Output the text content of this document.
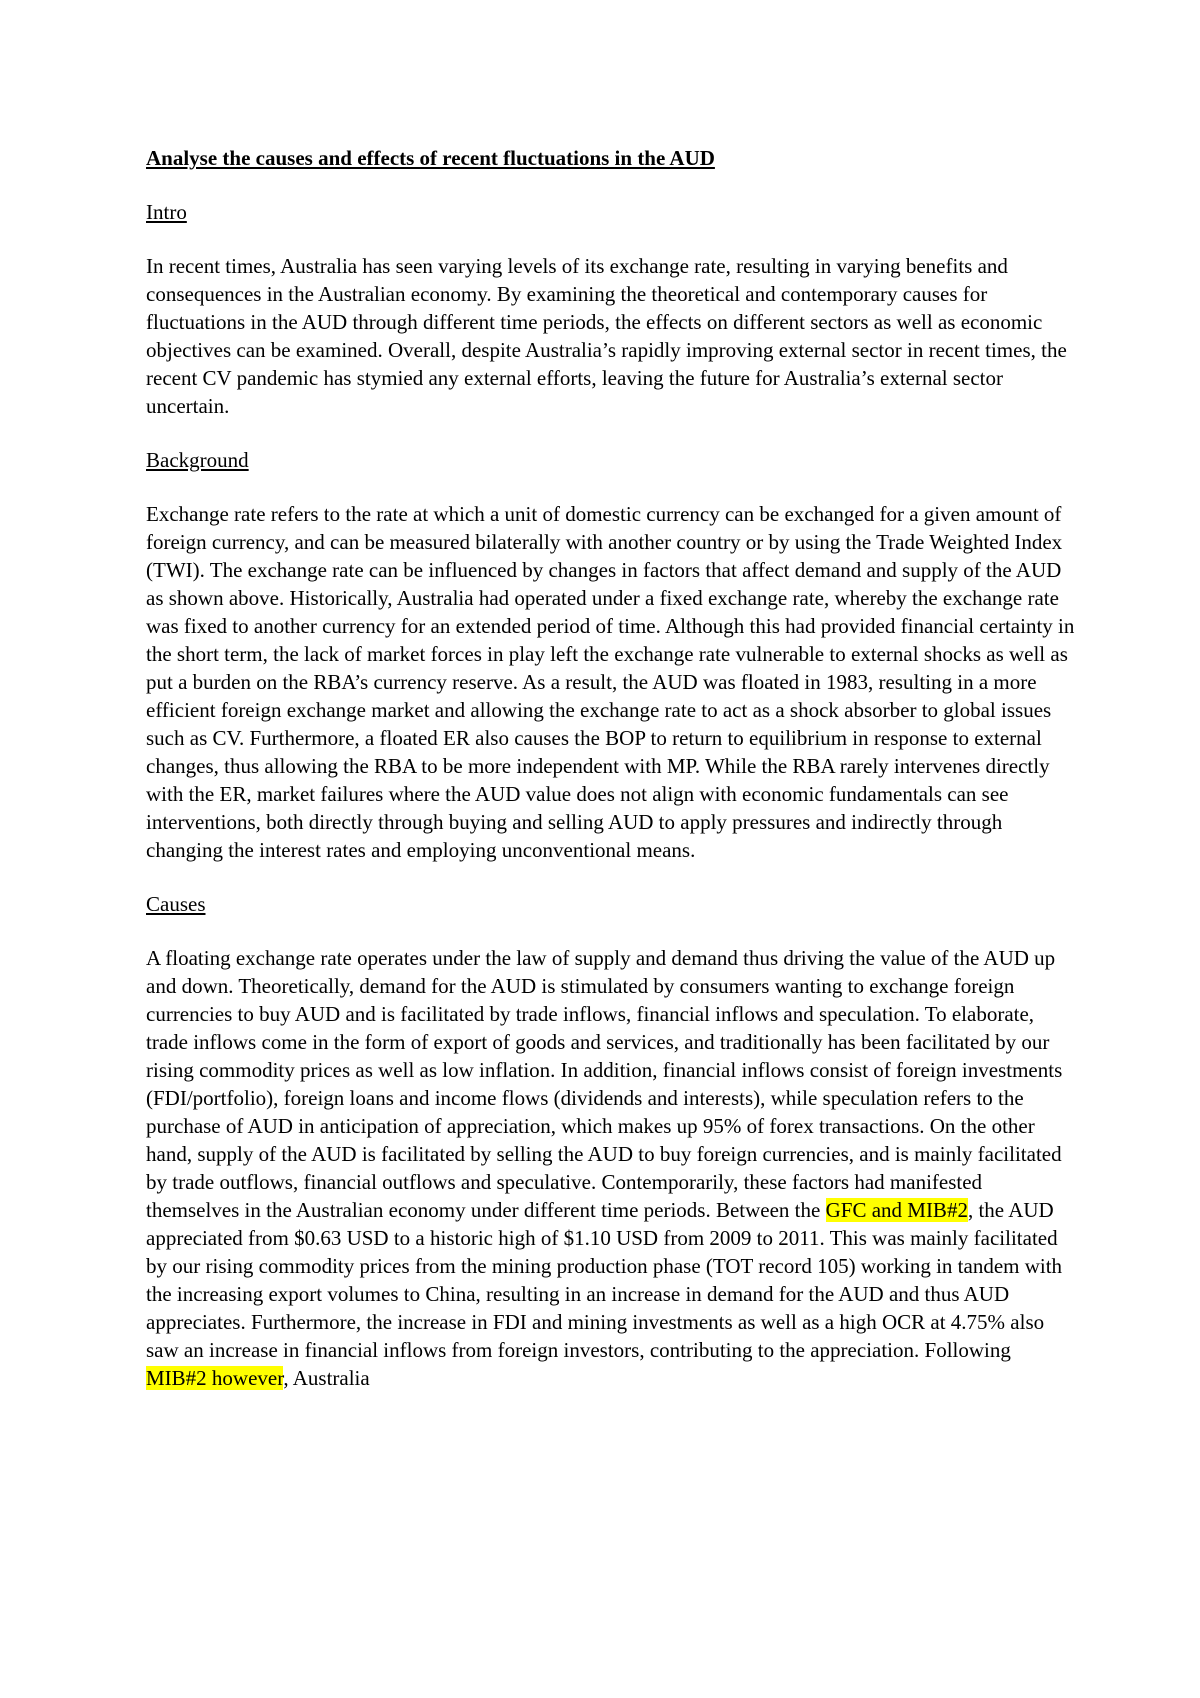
Analyse the causes and effects of recent fluctuations in the AUD
Intro

In recent times, Australia has seen varying levels of its exchange rate, resulting in varying benefits and consequences in the Australian economy. By examining the theoretical and contemporary causes for fluctuations in the AUD through different time periods, the effects on different sectors as well as economic objectives can be examined. Overall, despite Australia’s rapidly improving external sector in recent times, the recent CV pandemic has stymied any external efforts, leaving the future for Australia’s external sector uncertain.

Background

Exchange rate refers to the rate at which a unit of domestic currency can be exchanged for a given amount of foreign currency, and can be measured bilaterally with another country or by using the Trade Weighted Index (TWI). The exchange rate can be influenced by changes in factors that affect demand and supply of the AUD as shown above. Historically, Australia had operated under a fixed exchange rate, whereby the exchange rate was fixed to another currency for an extended period of time. Although this had provided financial certainty in the short term, the lack of market forces in play left the exchange rate vulnerable to external shocks as well as put a burden on the RBA’s currency reserve. As a result, the AUD was floated in 1983, resulting in a more efficient foreign exchange market and allowing the exchange rate to act as a shock absorber to global issues such as CV. Furthermore, a floated ER also causes the BOP to return to equilibrium in response to external changes, thus allowing the RBA to be more independent with MP. While the RBA rarely intervenes directly with the ER, market failures where the AUD value does not align with economic fundamentals can see interventions, both directly through buying and selling AUD to apply pressures and indirectly through changing the interest rates and employing unconventional means.

Causes

A floating exchange rate operates under the law of supply and demand thus driving the value of the AUD up and down. Theoretically, demand for the AUD is stimulated by consumers wanting to exchange foreign currencies to buy AUD and is facilitated by trade inflows, financial inflows and speculation. To elaborate, trade inflows come in the form of export of goods and services, and traditionally has been facilitated by our rising commodity prices as well as low inflation. In addition, financial inflows consist of foreign investments (FDI/portfolio), foreign loans and income flows (dividends and interests), while speculation refers to the purchase of AUD in anticipation of appreciation, which makes up 95% of forex transactions. On the other hand, supply of the AUD is facilitated by selling the AUD to buy foreign currencies, and is mainly facilitated by trade outflows, financial outflows and speculative. Contemporarily, these factors had manifested themselves in the Australian economy under different time periods. Between the GFC and MIB#2, the AUD appreciated from $0.63 USD to a historic high of $1.10 USD from 2009 to 2011. This was mainly facilitated by our rising commodity prices from the mining production phase (TOT record 105) working in tandem with the increasing export volumes to China, resulting in an increase in demand for the AUD and thus AUD appreciates. Furthermore, the increase in FDI and mining investments as well as a high OCR at 4.75% also saw an increase in financial inflows from foreign investors, contributing to the appreciation. Following MIB#2 however, Australia
